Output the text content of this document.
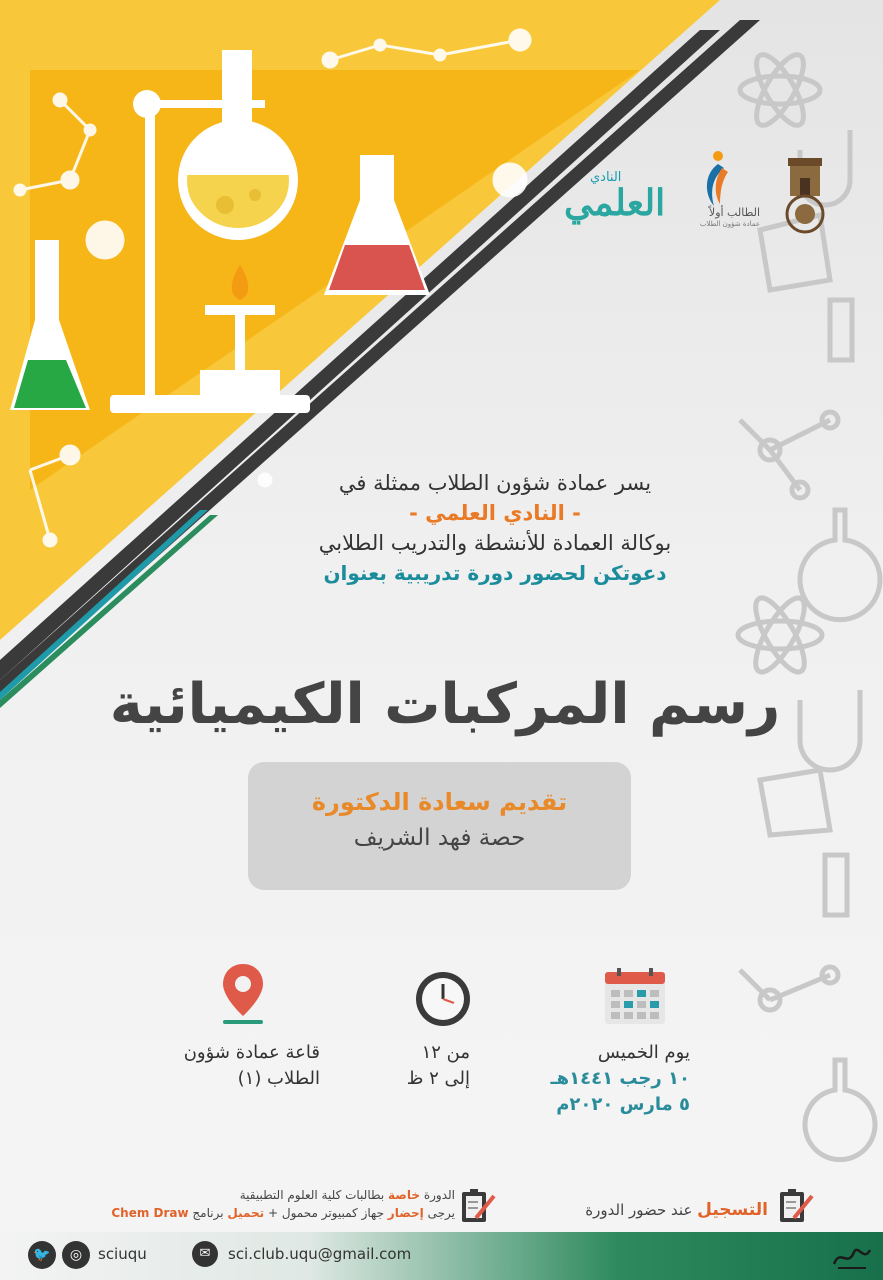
النادي
العلمي	الطالب أولاً
عمادة شؤون الطلاب
يسر عمادة شؤون الطلاب ممثلة في
- النادي العلمي -
بوكالة العمادة للأنشطة والتدريب الطلابي
دعوتكن لحضور دورة تدريبية بعنوان
رسم المركبات الكيميائية
تقديم سعادة الدكتورة
حصة فهد الشريف
يوم الخميس
١٠ رجب ١٤٤١هـ
٥ مارس ٢٠٢٠م
من ١٢
إلى ٢ ظ
قاعة عمادة شؤون
الطلاب (١)
الدورة خاصة بطالبات كلية العلوم التطبيقية
يرجى إحضار جهاز كمبيوتر محمول + تحميل برنامج Chem Draw	التسجيل عند حضور الدورة
🐦	◎	sciuqu	✉	sci.club.uqu@gmail.com
